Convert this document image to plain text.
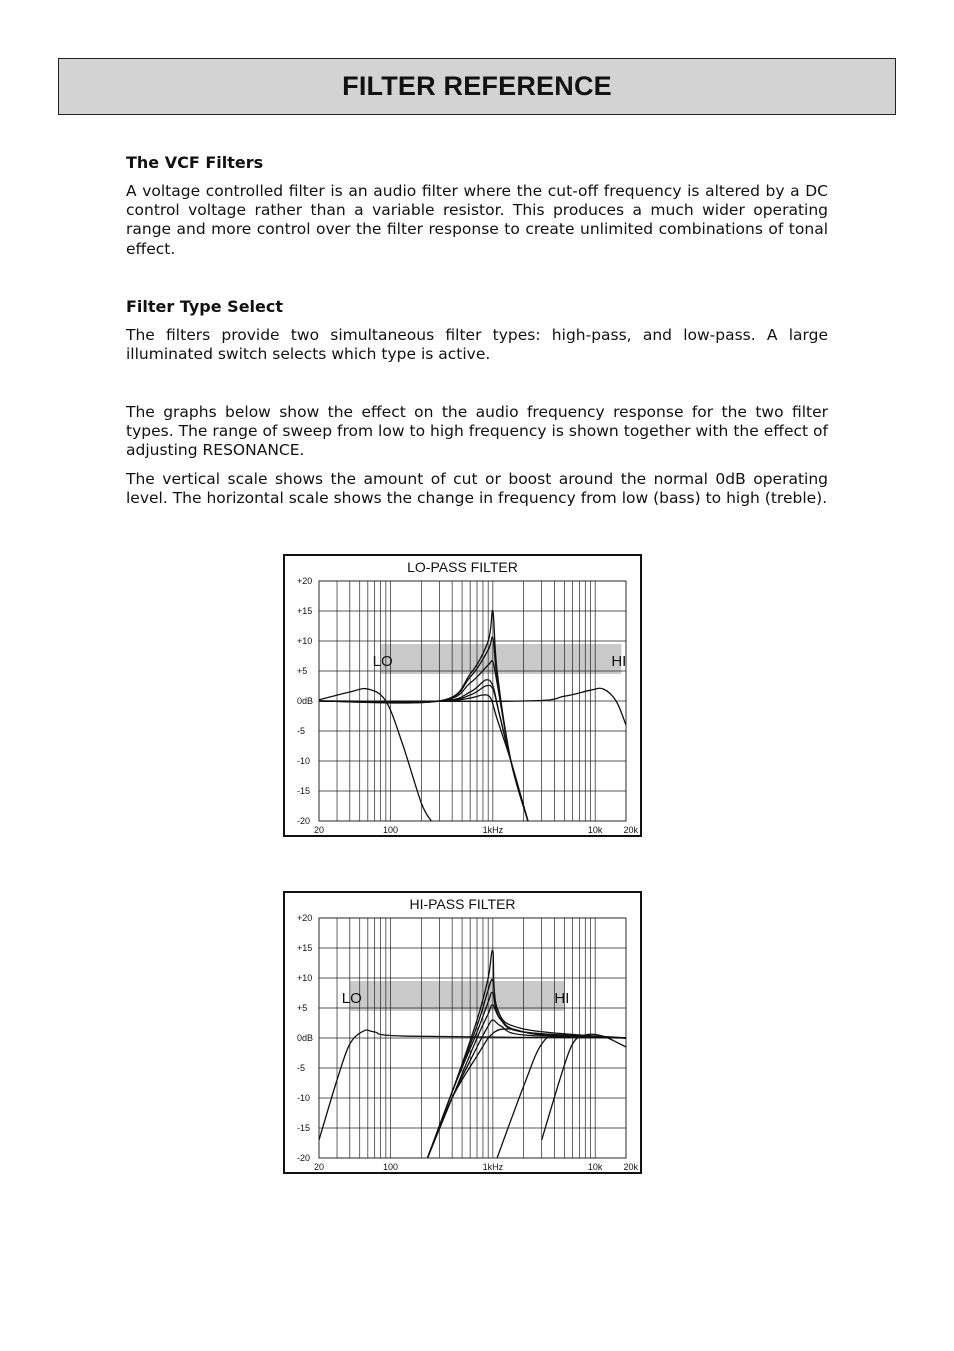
FILTER REFERENCE
The VCF Filters

A voltage controlled filter is an audio filter where the cut-off frequency is altered by a DC control voltage rather than a variable resistor. This produces a much wider operating range and more control over the filter response to create unlimited combinations of tonal effect.

Filter Type Select

The filters provide two simultaneous filter types: high-pass, and low-pass. A large illuminated switch selects which type is active.

The graphs below show the effect on the audio frequency response for the two filter types. The range of sweep from low to high frequency is shown together with the effect of adjusting RESONANCE.

The vertical scale shows the amount of cut or boost around the normal 0dB operating level. The horizontal scale shows the change in frequency from low (bass) to high (treble).

+20
+15
+10
+5
0dB
-5
-10
-15
-20
20	100	1kHz	10k 20k
LO	HI
LO-PASS FILTER
+20
+15
+10
+5
0dB
-5
-10
-15
-20
20	100	1kHz	10k 20k
LO	HI
HI-PASS FILTER
